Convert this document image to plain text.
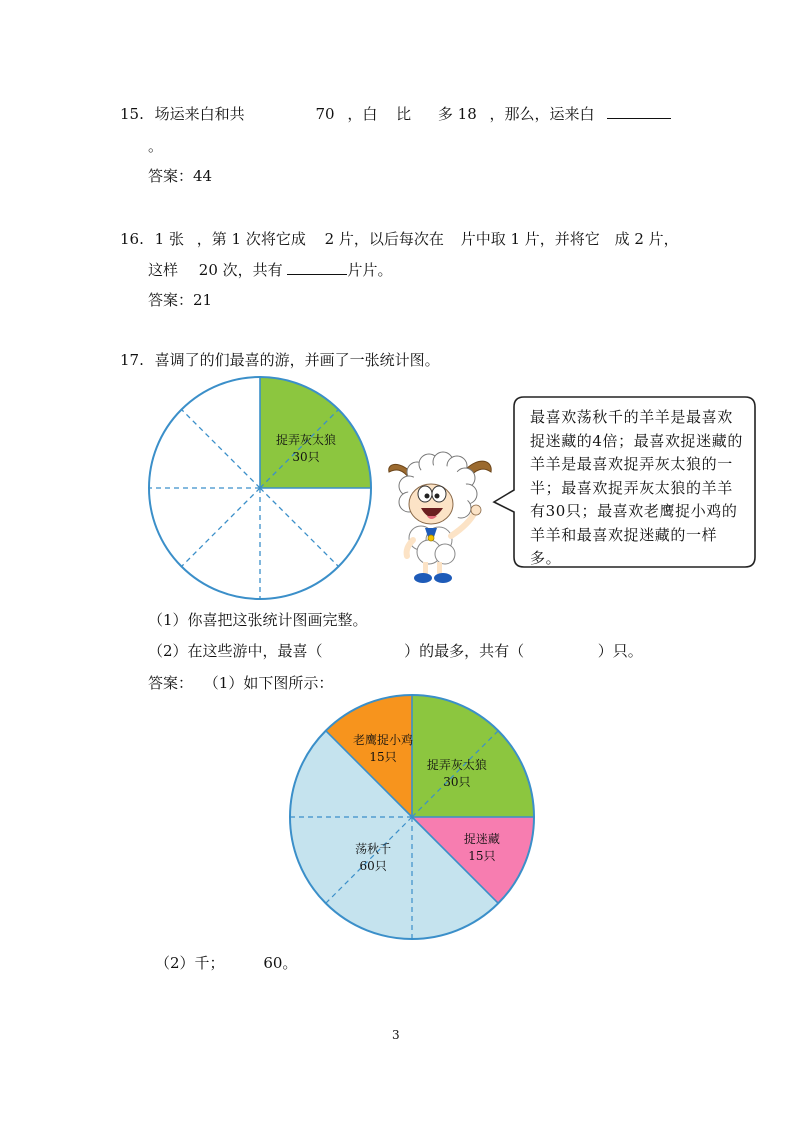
15. 场运来白和共	70 ，白 比 多 18 ，那么，运来白
。
答案：44
16. 1 张 ，第 1 次将它成 2 片，以后每次在 片中取 1 片，并将它 成 2 片，
这样 20 次，共有	片片。
答案：21
17. 喜调了的们最喜的游，并画了一张统计图。
捉弄灰太狼
30只
最喜欢荡秋千的羊羊是最喜欢捉迷藏的4倍；最喜欢捉迷藏的羊羊是最喜欢捉弄灰太狼的一半；最喜欢捉弄灰太狼的羊羊有30只；最喜欢老鹰捉小鸡的羊羊和最喜欢捉迷藏的一样多。
（1）你喜把这张统计图画完整。
（2）在这些游中，最喜（	）的最多，共有（	）只。
答案： （1）如下图所示：
捉弄灰太狼
30只
捉迷藏
15只
荡秋千
60只
老鹰捉小鸡
15只
（2）千；	60。
3
